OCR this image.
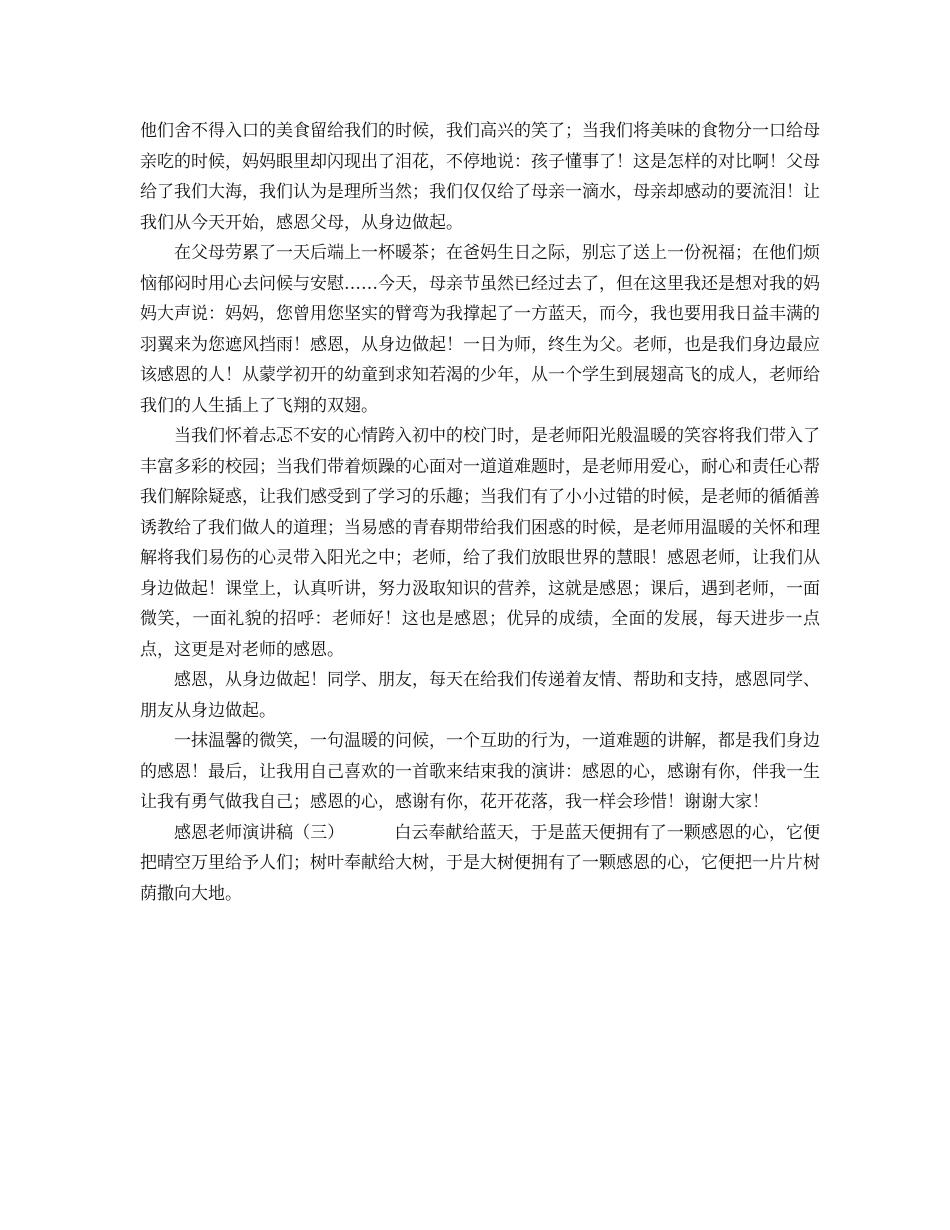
他们舍不得入口的美食留给我们的时候，我们高兴的笑了；当我们将美味的食物分一口给母亲吃的时候，妈妈眼里却闪现出了泪花，不停地说：孩子懂事了！这是怎样的对比啊！父母给了我们大海，我们认为是理所当然；我们仅仅给了母亲一滴水，母亲却感动的要流泪！让我们从今天开始，感恩父母，从身边做起。

在父母劳累了一天后端上一杯暖茶；在爸妈生日之际，别忘了送上一份祝福；在他们烦恼郁闷时用心去问候与安慰……今天，母亲节虽然已经过去了，但在这里我还是想对我的妈妈大声说：妈妈，您曾用您坚实的臂弯为我撑起了一方蓝天，而今，我也要用我日益丰满的羽翼来为您遮风挡雨！感恩，从身边做起！一日为师，终生为父。老师，也是我们身边最应该感恩的人！从蒙学初开的幼童到求知若渴的少年，从一个学生到展翅高飞的成人，老师给我们的人生插上了飞翔的双翅。

当我们怀着忐忑不安的心情跨入初中的校门时，是老师阳光般温暖的笑容将我们带入了丰富多彩的校园；当我们带着烦躁的心面对一道道难题时，是老师用爱心，耐心和责任心帮我们解除疑惑，让我们感受到了学习的乐趣；当我们有了小小过错的时候，是老师的循循善诱教给了我们做人的道理；当易感的青春期带给我们困惑的时候，是老师用温暖的关怀和理解将我们易伤的心灵带入阳光之中；老师，给了我们放眼世界的慧眼！感恩老师，让我们从身边做起！课堂上，认真听讲，努力汲取知识的营养，这就是感恩；课后，遇到老师，一面微笑，一面礼貌的招呼：老师好！这也是感恩；优异的成绩，全面的发展，每天进步一点点，这更是对老师的感恩。

感恩，从身边做起！同学、朋友，每天在给我们传递着友情、帮助和支持，感恩同学、朋友从身边做起。

一抹温馨的微笑，一句温暖的问候，一个互助的行为，一道难题的讲解，都是我们身边的感恩！最后，让我用自己喜欢的一首歌来结束我的演讲：感恩的心，感谢有你，伴我一生让我有勇气做我自己；感恩的心，感谢有你，花开花落，我一样会珍惜！谢谢大家！

感恩老师演讲稿（三）	白云奉献给蓝天，于是蓝天便拥有了一颗感恩的心，它便把晴空万里给予人们；树叶奉献给大树，于是大树便拥有了一颗感恩的心，它便把一片片树荫撒向大地。
